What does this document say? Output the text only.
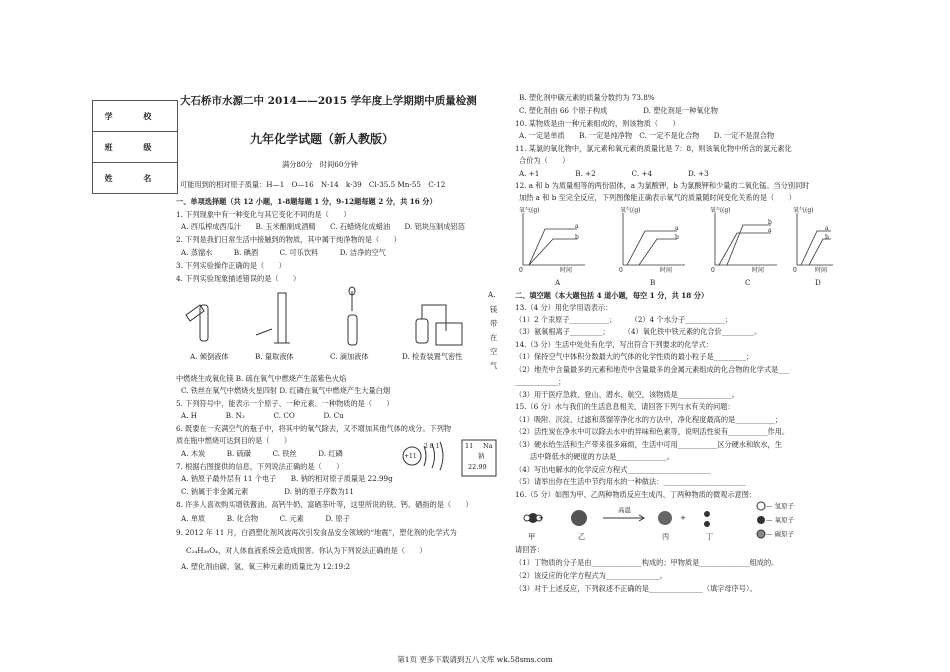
学 校
班 级
姓 名
大石桥市水源二中 2014——2015 学年度上学期期中质量检测
九年化学试题（新人教版）
满分80分　时间60分钟
可能用到的相对原子质量：H—1　O—16　N-14　k-39　Cl-35.5 Mn-55　C-12
一、单项选择题（共 12 小题，1-8题每题 1 分，9-12题每题 2 分，共 16 分）
1. 下列现象中有一种变化与其它变化不同的是（　　）
A. 西瓜榨成西瓜汁　　B. 玉米酿制成酒精　　C. 石蜡烧化成蜡油　　D. 铝块压制成铝箔
2. 下列是我们日常生活中接触到的物质，其中属于纯净物的是（　　）
A. 蒸馏水　　　B. 碘酒　　　C. 可乐饮料　　　D. 洁净的空气
3. 下列实验操作正确的是（　　）
4. 下列实验现象描述错误的是（　　）
A. 倾倒液体	B. 量取液体	C. 滴加液体	D. 检查装置气密性
A.
镁
带
在
空
气
中燃烧生成氧化镁 B. 硫在氧气中燃烧产生蓝紫色火焰
C. 铁丝在氧气中燃烧火星四射 D. 红磷在氧气中燃烧产生大量白烟
5. 下列符号中，能表示一个原子、一种元素、一种物质的是（　　）
A. H　　　　B. N₂　　　　C. CO　　　　D. Cu
6. 既要在一充满空气的瓶子中，将其中的氧气除去，又不增加其他气体的成分。下列物
质在瓶中燃烧可达到目的是（　　）
A. 木炭　　　B. 硫磺　　　C. 铁丝　　　D. 红磷
7. 根据右图提供的信息，下列说法正确的是（　　）
A. 钠原子最外层有 11 个电子　　B. 钠的相对原子质量是 22.99g
C. 钠属于非金属元素　　　　　D. 钠的原子序数为11
+11
2 8 1	11 Na
钠
22.99
8. 许多人喜欢购买增铁酱油、高钙牛奶、富硒茶叶等，这里所说的铁、钙、硒指的是（　　）
A. 单质　　　B. 化合物　　　C. 元素　　　D. 原子
9. 2012 年 11 月，白酒塑化剂风波再次引发食品安全领域的“地震”，塑化剂的化学式为
C₂₄H₃₈O₄，对人体血液系统会造成损害。你认为下列说法正确的是（　　）
A. 塑化剂由碳、氢、氧三种元素的质量比为 12:19:2
B. 塑化剂中碳元素的质量分数约为 73.8%
C. 塑化剂由 66 个原子构成　　　　　D. 塑化剂是一种氧化物
10. 某物质是由一种元素组成的，则该物质（　　）
A. 一定是单质　　B. 一定是纯净物　C. 一定不是化合物　　D. 一定不是混合物
11. 某氯的氧化物中，氯元素和氧元素的质量比是 7：8，则该氧化物中所含的氯元素化
合价为（　　）
A. +1　　　　　B. +2　　　　　C. +4　　　　　D. +3
12. a 和 b 为质量相等的两份固体，a 为氯酸钾，b 为氯酸钾和少量的二氧化锰。当分别同时
加热 a 和 b 至完全反应，下列图像能正确表示氧气的质量随时间变化关系的是（　　）
氧气(g)	氧气(g)	氧气(g)	氧气(g)
时间	时间	时间	时间
0	0	0	0
a
b
a
b
a
b
a
b
A	B	C	D
二、填空题（本大题包括 4 道小题，每空 1 分，共 18 分）
13.（4 分）用化学用语表示：
（1）2 个汞原子___________；　　　（2）4 个水分子___________；
（3）氨氧根离子_________；　　　（4）氧化铁中铁元素的化合价_________。
14.（3 分）生活中处处有化学，写出符合下列要求的化学式：
（1）保持空气中体积分数最大的气体的化学性质的最小粒子是_________；
（2）地壳中含量最多的元素和地壳中含量最多的金属元素组成的化合物的化学式是___
____________；
（3）用于医疗急救、登山、潜水、航空，该物质是_______________。
15.（6 分）水与我们的生活息息相关，请回答下列与水有关的问题：
（1）吸附、沉淀、过滤和蒸馏等净化水的方法中，净化程度最高的是___________；
（2）活性炭在净水中可以除去水中的异味和色素等，说明活性炭有___________作用。
（3）硬水给生活和生产带来很多麻烦，生活中可用___________区分硬水和软水，生
活中降低水的硬度的方法是______________。
（4）写出电解水的化学反应方程式_______________________
（5）请举出你在生活中节约用水的一种做法：_______________________
16.（5 分）如图为甲、乙两种物质反应生成丙、丁两种物质的微观示意图：
+	+
高温
甲	乙	丙	丁
— 氢原子
— 氧原子
— 碳原子
请回答：
（1）丁物质的分子是由______________构成的；甲物质是______________组成的。
（2）该反应的化学方程式为_______________。
（3）对于上述反应，下列叙述不正确的是_______________（填字母序号）。
第1页 更多下载请到五八文库 wk.58sms.com
